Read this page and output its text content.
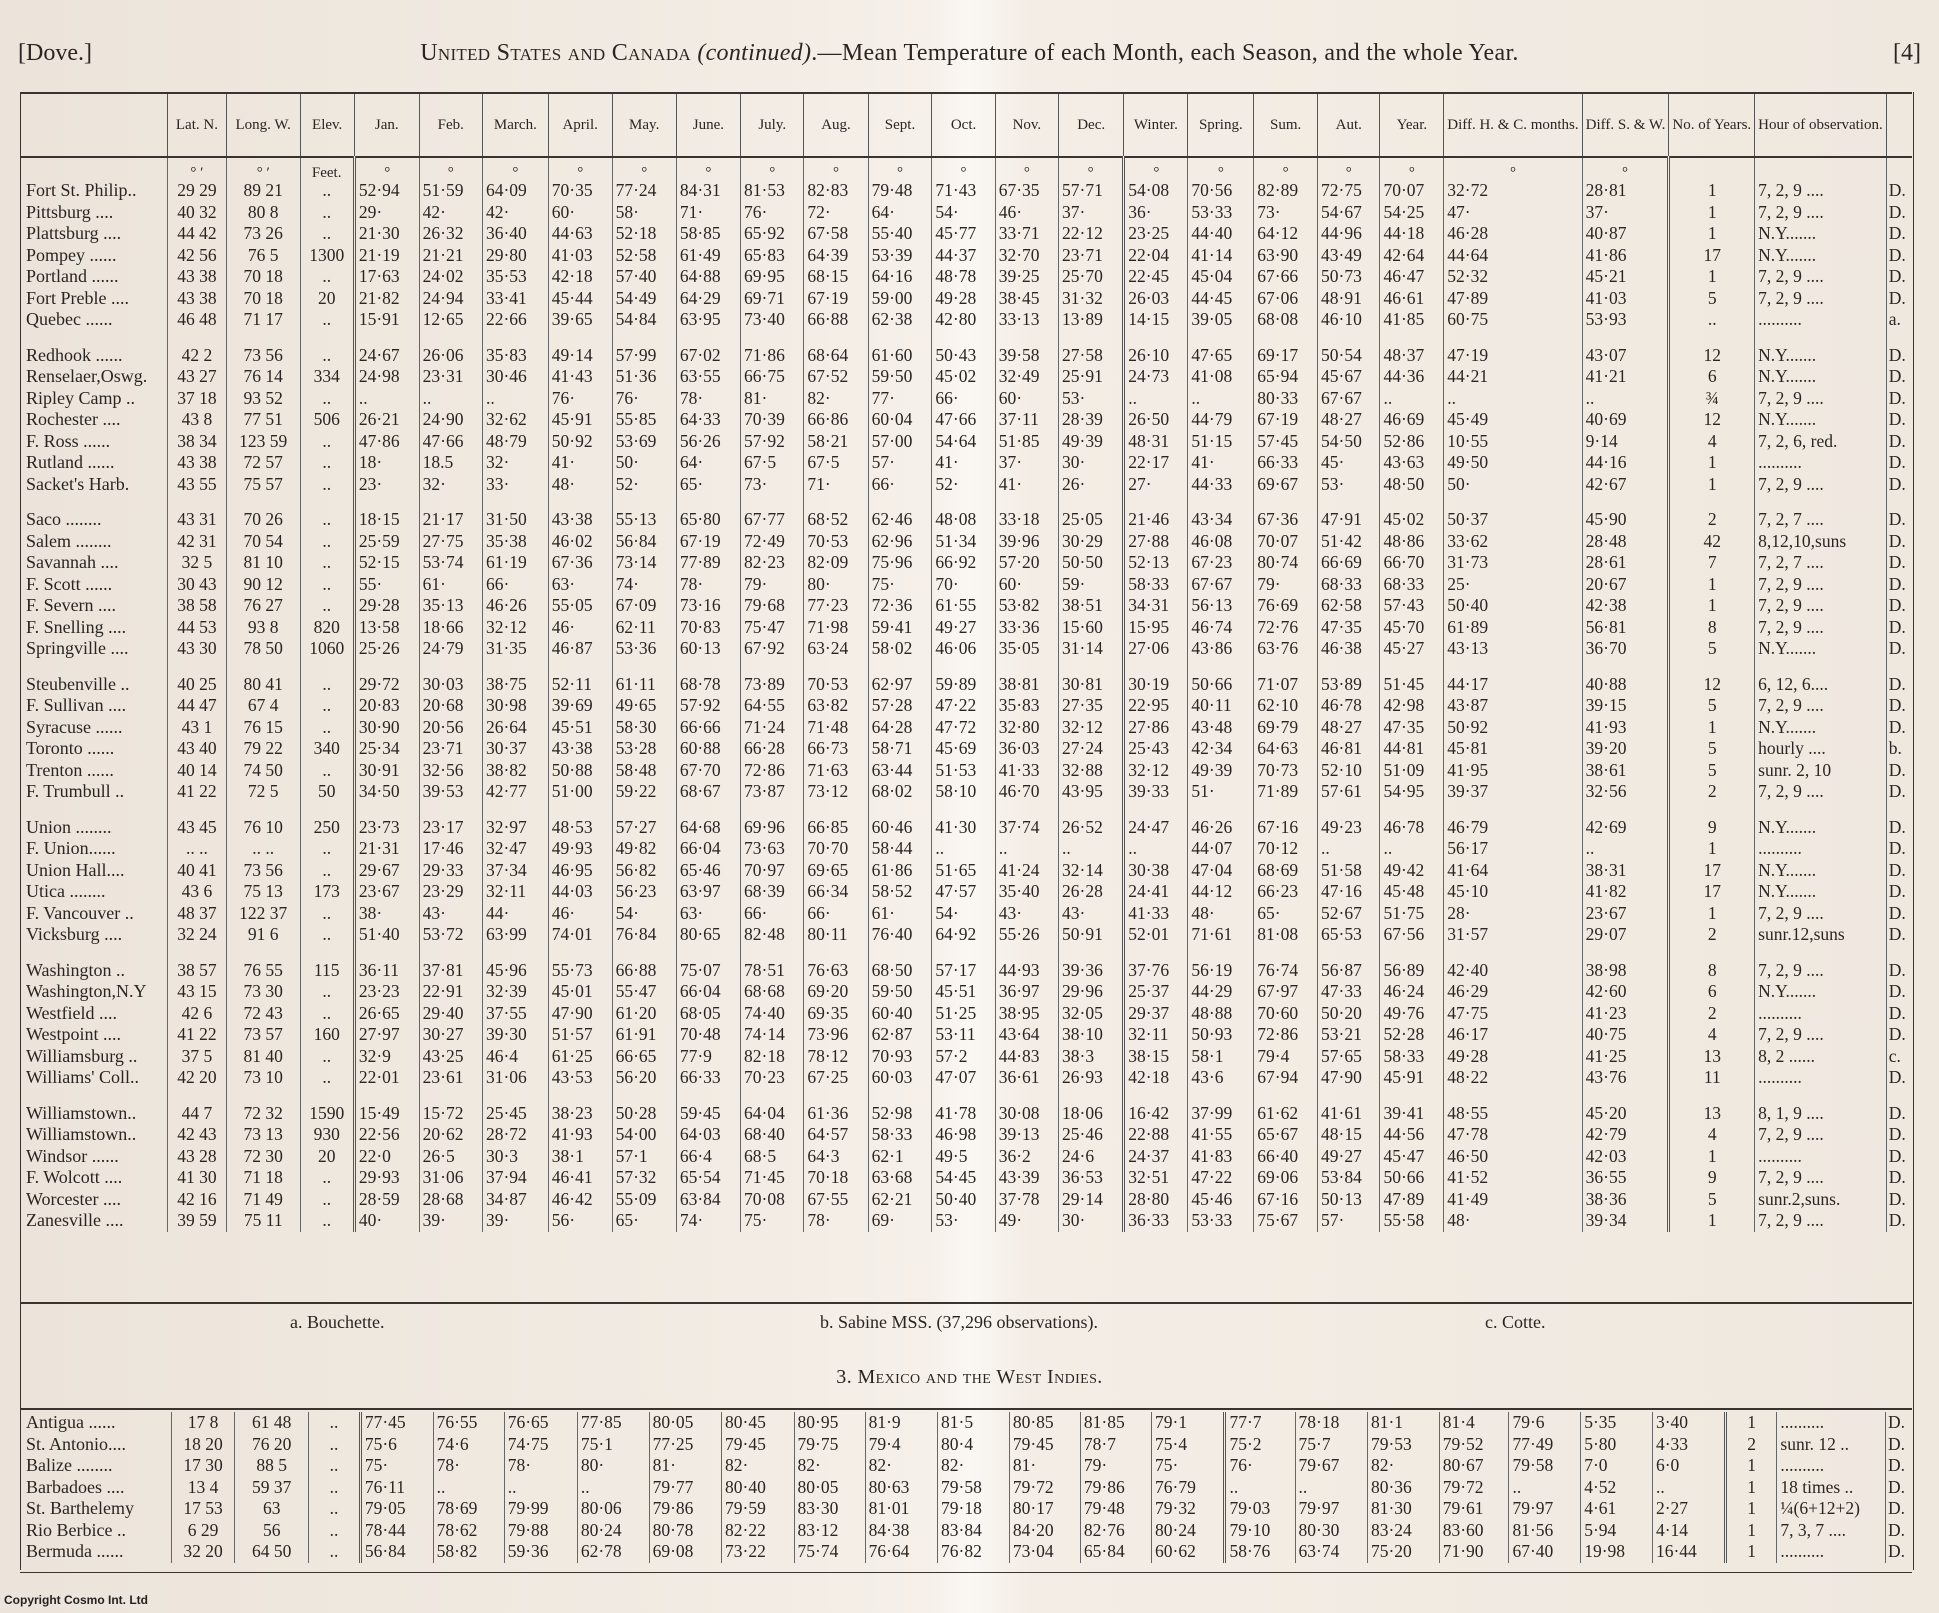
[Dove.]	United States and Canada (continued).—Mean Temperature of each Month, each Season, and the whole Year.	[4]
	Lat. N.	Long. W.	Elev.	Jan.	Feb.	March.	April.	May.	June.	July.	Aug.	Sept.	Oct.	Nov.	Dec.	Winter.	Spring.	Sum.	Aut.	Year.	Diff. H. & C. months.	Diff. S. & W.	No. of Years.	Hour of observation.	
	° ′	° ′	Feet.	°	°	°	°	°	°	°	°	°	°	°	°	°	°	°	°	°	°	°			
Fort St. Philip..	29 29	89 21	..	52·94	51·59	64·09	70·35	77·24	84·31	81·53	82·83	79·48	71·43	67·35	57·71	54·08	70·56	82·89	72·75	70·07	32·72	28·81	1	7, 2, 9 ....	D.
Pittsburg ....	40 32	80 8	..	29·	42·	42·	60·	58·	71·	76·	72·	64·	54·	46·	37·	36·	53·33	73·	54·67	54·25	47·	37·	1	7, 2, 9 ....	D.
Plattsburg ....	44 42	73 26	..	21·30	26·32	36·40	44·63	52·18	58·85	65·92	67·58	55·40	45·77	33·71	22·12	23·25	44·40	64·12	44·96	44·18	46·28	40·87	1	N.Y.......	D.
Pompey ......	42 56	76 5	1300	21·19	21·21	29·80	41·03	52·58	61·49	65·83	64·39	53·39	44·37	32·70	23·71	22·04	41·14	63·90	43·49	42·64	44·64	41·86	17	N.Y.......	D.
Portland ......	43 38	70 18	..	17·63	24·02	35·53	42·18	57·40	64·88	69·95	68·15	64·16	48·78	39·25	25·70	22·45	45·04	67·66	50·73	46·47	52·32	45·21	1	7, 2, 9 ....	D.
Fort Preble ....	43 38	70 18	20	21·82	24·94	33·41	45·44	54·49	64·29	69·71	67·19	59·00	49·28	38·45	31·32	26·03	44·45	67·06	48·91	46·61	47·89	41·03	5	7, 2, 9 ....	D.
Quebec ......	46 48	71 17	..	15·91	12·65	22·66	39·65	54·84	63·95	73·40	66·88	62·38	42·80	33·13	13·89	14·15	39·05	68·08	46·10	41·85	60·75	53·93	..	..........	a.

Redhook ......	42 2	73 56	..	24·67	26·06	35·83	49·14	57·99	67·02	71·86	68·64	61·60	50·43	39·58	27·58	26·10	47·65	69·17	50·54	48·37	47·19	43·07	12	N.Y.......	D.
Renselaer,Oswg.	43 27	76 14	334	24·98	23·31	30·46	41·43	51·36	63·55	66·75	67·52	59·50	45·02	32·49	25·91	24·73	41·08	65·94	45·67	44·36	44·21	41·21	6	N.Y.......	D.
Ripley Camp ..	37 18	93 52	..	..	..	..	76·	76·	78·	81·	82·	77·	66·	60·	53·	..	..	80·33	67·67	..	..	..	¾	7, 2, 9 ....	D.
Rochester ....	43 8	77 51	506	26·21	24·90	32·62	45·91	55·85	64·33	70·39	66·86	60·04	47·66	37·11	28·39	26·50	44·79	67·19	48·27	46·69	45·49	40·69	12	N.Y.......	D.
F. Ross ......	38 34	123 59	..	47·86	47·66	48·79	50·92	53·69	56·26	57·92	58·21	57·00	54·64	51·85	49·39	48·31	51·15	57·45	54·50	52·86	10·55	9·14	4	7, 2, 6, red.	D.
Rutland ......	43 38	72 57	..	18·	18.5	32·	41·	50·	64·	67·5	67·5	57·	41·	37·	30·	22·17	41·	66·33	45·	43·63	49·50	44·16	1	..........	D.
Sacket's Harb.	43 55	75 57	..	23·	32·	33·	48·	52·	65·	73·	71·	66·	52·	41·	26·	27·	44·33	69·67	53·	48·50	50·	42·67	1	7, 2, 9 ....	D.

Saco ........	43 31	70 26	..	18·15	21·17	31·50	43·38	55·13	65·80	67·77	68·52	62·46	48·08	33·18	25·05	21·46	43·34	67·36	47·91	45·02	50·37	45·90	2	7, 2, 7 ....	D.
Salem ........	42 31	70 54	..	25·59	27·75	35·38	46·02	56·84	67·19	72·49	70·53	62·96	51·34	39·96	30·29	27·88	46·08	70·07	51·42	48·86	33·62	28·48	42	8,12,10,suns	D.
Savannah ....	32 5	81 10	..	52·15	53·74	61·19	67·36	73·14	77·89	82·23	82·09	75·96	66·92	57·20	50·50	52·13	67·23	80·74	66·69	66·70	31·73	28·61	7	7, 2, 7 ....	D.
F. Scott ......	30 43	90 12	..	55·	61·	66·	63·	74·	78·	79·	80·	75·	70·	60·	59·	58·33	67·67	79·	68·33	68·33	25·	20·67	1	7, 2, 9 ....	D.
F. Severn ....	38 58	76 27	..	29·28	35·13	46·26	55·05	67·09	73·16	79·68	77·23	72·36	61·55	53·82	38·51	34·31	56·13	76·69	62·58	57·43	50·40	42·38	1	7, 2, 9 ....	D.
F. Snelling ....	44 53	93 8	820	13·58	18·66	32·12	46·	62·11	70·83	75·47	71·98	59·41	49·27	33·36	15·60	15·95	46·74	72·76	47·35	45·70	61·89	56·81	8	7, 2, 9 ....	D.
Springville ....	43 30	78 50	1060	25·26	24·79	31·35	46·87	53·36	60·13	67·92	63·24	58·02	46·06	35·05	31·14	27·06	43·86	63·76	46·38	45·27	43·13	36·70	5	N.Y.......	D.

Steubenville ..	40 25	80 41	..	29·72	30·03	38·75	52·11	61·11	68·78	73·89	70·53	62·97	59·89	38·81	30·81	30·19	50·66	71·07	53·89	51·45	44·17	40·88	12	6, 12, 6....	D.
F. Sullivan ....	44 47	67 4	..	20·83	20·68	30·98	39·69	49·65	57·92	64·55	63·82	57·28	47·22	35·83	27·35	22·95	40·11	62·10	46·78	42·98	43·87	39·15	5	7, 2, 9 ....	D.
Syracuse ......	43 1	76 15	..	30·90	20·56	26·64	45·51	58·30	66·66	71·24	71·48	64·28	47·72	32·80	32·12	27·86	43·48	69·79	48·27	47·35	50·92	41·93	1	N.Y.......	D.
Toronto ......	43 40	79 22	340	25·34	23·71	30·37	43·38	53·28	60·88	66·28	66·73	58·71	45·69	36·03	27·24	25·43	42·34	64·63	46·81	44·81	45·81	39·20	5	hourly ....	b.
Trenton ......	40 14	74 50	..	30·91	32·56	38·82	50·88	58·48	67·70	72·86	71·63	63·44	51·53	41·33	32·88	32·12	49·39	70·73	52·10	51·09	41·95	38·61	5	sunr. 2, 10	D.
F. Trumbull ..	41 22	72 5	50	34·50	39·53	42·77	51·00	59·22	68·67	73·87	73·12	68·02	58·10	46·70	43·95	39·33	51·	71·89	57·61	54·95	39·37	32·56	2	7, 2, 9 ....	D.

Union ........	43 45	76 10	250	23·73	23·17	32·97	48·53	57·27	64·68	69·96	66·85	60·46	41·30	37·74	26·52	24·47	46·26	67·16	49·23	46·78	46·79	42·69	9	N.Y.......	D.
F. Union......	.. ..	.. ..	..	21·31	17·46	32·47	49·93	49·82	66·04	73·63	70·70	58·44	..	..	..	..	44·07	70·12	..	..	56·17	..	1	..........	D.
Union Hall....	40 41	73 56	..	29·67	29·33	37·34	46·95	56·82	65·46	70·97	69·65	61·86	51·65	41·24	32·14	30·38	47·04	68·69	51·58	49·42	41·64	38·31	17	N.Y.......	D.
Utica ........	43 6	75 13	173	23·67	23·29	32·11	44·03	56·23	63·97	68·39	66·34	58·52	47·57	35·40	26·28	24·41	44·12	66·23	47·16	45·48	45·10	41·82	17	N.Y.......	D.
F. Vancouver ..	48 37	122 37	..	38·	43·	44·	46·	54·	63·	66·	66·	61·	54·	43·	43·	41·33	48·	65·	52·67	51·75	28·	23·67	1	7, 2, 9 ....	D.
Vicksburg ....	32 24	91 6	..	51·40	53·72	63·99	74·01	76·84	80·65	82·48	80·11	76·40	64·92	55·26	50·91	52·01	71·61	81·08	65·53	67·56	31·57	29·07	2	sunr.12,suns	D.

Washington ..	38 57	76 55	115	36·11	37·81	45·96	55·73	66·88	75·07	78·51	76·63	68·50	57·17	44·93	39·36	37·76	56·19	76·74	56·87	56·89	42·40	38·98	8	7, 2, 9 ....	D.
Washington,N.Y	43 15	73 30	..	23·23	22·91	32·39	45·01	55·47	66·04	68·68	69·20	59·50	45·51	36·97	29·96	25·37	44·29	67·97	47·33	46·24	46·29	42·60	6	N.Y.......	D.
Westfield ....	42 6	72 43	..	26·65	29·40	37·55	47·90	61·20	68·05	74·40	69·35	60·40	51·25	38·95	32·05	29·37	48·88	70·60	50·20	49·76	47·75	41·23	2	..........	D.
Westpoint ....	41 22	73 57	160	27·97	30·27	39·30	51·57	61·91	70·48	74·14	73·96	62·87	53·11	43·64	38·10	32·11	50·93	72·86	53·21	52·28	46·17	40·75	4	7, 2, 9 ....	D.
Williamsburg ..	37 5	81 40	..	32·9	43·25	46·4	61·25	66·65	77·9	82·18	78·12	70·93	57·2	44·83	38·3	38·15	58·1	79·4	57·65	58·33	49·28	41·25	13	8, 2 ......	c.
Williams' Coll..	42 20	73 10	..	22·01	23·61	31·06	43·53	56·20	66·33	70·23	67·25	60·03	47·07	36·61	26·93	42·18	43·6	67·94	47·90	45·91	48·22	43·76	11	..........	D.

Williamstown..	44 7	72 32	1590	15·49	15·72	25·45	38·23	50·28	59·45	64·04	61·36	52·98	41·78	30·08	18·06	16·42	37·99	61·62	41·61	39·41	48·55	45·20	13	8, 1, 9 ....	D.
Williamstown..	42 43	73 13	930	22·56	20·62	28·72	41·93	54·00	64·03	68·40	64·57	58·33	46·98	39·13	25·46	22·88	41·55	65·67	48·15	44·56	47·78	42·79	4	7, 2, 9 ....	D.
Windsor ......	43 28	72 30	20	22·0	26·5	30·3	38·1	57·1	66·4	68·5	64·3	62·1	49·5	36·2	24·6	24·37	41·83	66·40	49·27	45·47	46·50	42·03	1	..........	D.
F. Wolcott ....	41 30	71 18	..	29·93	31·06	37·94	46·41	57·32	65·54	71·45	70·18	63·68	54·45	43·39	36·53	32·51	47·22	69·06	53·84	50·66	41·52	36·55	9	7, 2, 9 ....	D.
Worcester ....	42 16	71 49	..	28·59	28·68	34·87	46·42	55·09	63·84	70·08	67·55	62·21	50·40	37·78	29·14	28·80	45·46	67·16	50·13	47·89	41·49	38·36	5	sunr.2,suns.	D.
Zanesville ....	39 59	75 11	..	40·	39·	39·	56·	65·	74·	75·	78·	69·	53·	49·	30·	36·33	53·33	75·67	57·	55·58	48·	39·34	1	7, 2, 9 ....	D.
a. Bouchette.	b. Sabine MSS. (37,296 observations).	c. Cotte.
3. Mexico and the West Indies.
Antigua ......	17 8	61 48	..	77·45	76·55	76·65	77·85	80·05	80·45	80·95	81·9	81·5	80·85	81·85	79·1	77·7	78·18	81·1	81·4	79·6	5·35	3·40	1	..........	D.
St. Antonio....	18 20	76 20	..	75·6	74·6	74·75	75·1	77·25	79·45	79·75	79·4	80·4	79·45	78·7	75·4	75·2	75·7	79·53	79·52	77·49	5·80	4·33	2	sunr. 12 ..	D.
Balize ........	17 30	88 5	..	75·	78·	78·	80·	81·	82·	82·	82·	82·	81·	79·	75·	76·	79·67	82·	80·67	79·58	7·0	6·0	1	..........	D.
Barbadoes ....	13 4	59 37	..	76·11	..	..	..	79·77	80·40	80·05	80·63	79·58	79·72	79·86	76·79	..	..	80·36	79·72	..	4·52	..	1	18 times ..	D.
St. Barthelemy	17 53	63	..	79·05	78·69	79·99	80·06	79·86	79·59	83·30	81·01	79·18	80·17	79·48	79·32	79·03	79·97	81·30	79·61	79·97	4·61	2·27	1	¼(6+12+2)	D.
Rio Berbice ..	6 29	56	..	78·44	78·62	79·88	80·24	80·78	82·22	83·12	84·38	83·84	84·20	82·76	80·24	79·10	80·30	83·24	83·60	81·56	5·94	4·14	1	7, 3, 7 ....	D.
Bermuda ......	32 20	64 50	..	56·84	58·82	59·36	62·78	69·08	73·22	75·74	76·64	76·82	73·04	65·84	60·62	58·76	63·74	75·20	71·90	67·40	19·98	16·44	1	..........	D.
Copyright Cosmo Int. Ltd
